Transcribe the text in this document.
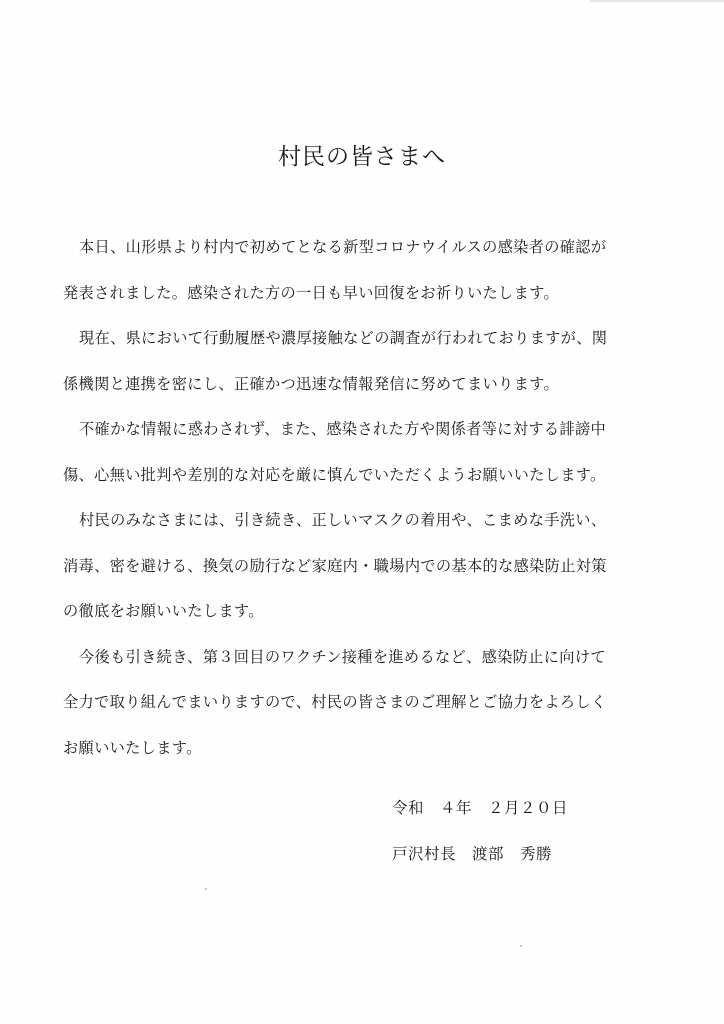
村民の皆さまへ
本日、山形県より村内で初めてとなる新型コロナウイルスの感染者の確認が
発表されました。感染された方の一日も早い回復をお祈りいたします。
現在、県において行動履歴や濃厚接触などの調査が行われておりますが、関
係機関と連携を密にし、正確かつ迅速な情報発信に努めてまいります。
不確かな情報に惑わされず、また、感染された方や関係者等に対する誹謗中
傷、心無い批判や差別的な対応を厳に慎んでいただくようお願いいたします。
村民のみなさまには、引き続き、正しいマスクの着用や、こまめな手洗い、
消毒、密を避ける、換気の励行など家庭内・職場内での基本的な感染防止対策
の徹底をお願いいたします。
今後も引き続き、第３回目のワクチン接種を進めるなど、感染防止に向けて
全力で取り組んでまいりますので、村民の皆さまのご理解とご協力をよろしく
お願いいたします。
令和　４年　２月２０日
戸沢村長　渡部　秀勝
